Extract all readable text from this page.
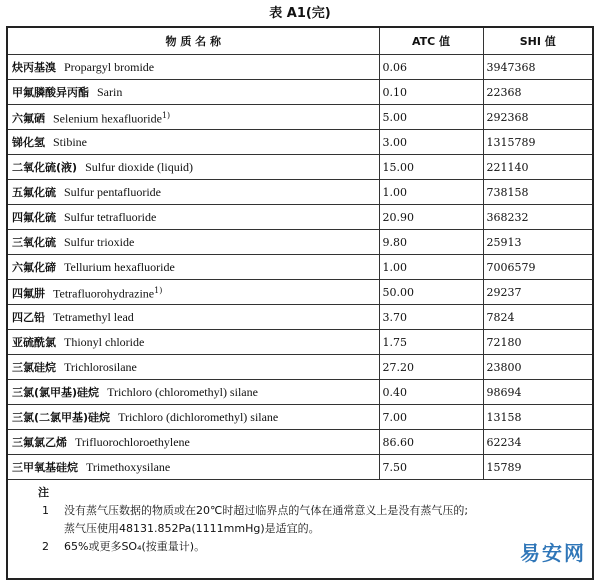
表 A1(完)
物 质 名 称	ATC 值	SHI 值
炔丙基溴 Propargyl bromide	0.06	3947368
甲氟膦酸异丙酯 Sarin	0.10	22368
六氟硒 Selenium hexafluoride$^{1)}$	5.00	292368
锑化氢 Stibine	3.00	1315789
二氧化硫(液) Sulfur dioxide (liquid)	15.00	221140
五氟化硫 Sulfur pentafluoride	1.00	738158
四氟化硫 Sulfur tetrafluoride	20.90	368232
三氧化硫 Sulfur trioxide	9.80	25913
六氟化碲 Tellurium hexafluoride	1.00	7006579
四氟肼 Tetrafluorohydrazine$^{1)}$	50.00	29237
四乙铅 Tetramethyl lead	3.70	7824
亚硫酰氯 Thionyl chloride	1.75	72180
三氯硅烷 Trichlorosilane	27.20	23800
三氯(氯甲基)硅烷 Trichloro (chloromethyl) silane	0.40	98694
三氯(二氯甲基)硅烷 Trichloro (dichloromethyl) silane	7.00	13158
三氟氯乙烯 Trifluorochloroethylene	86.60	62234
三甲氧基硅烷 Trimethoxysilane	7.50	15789

注
1 没有蒸气压数据的物质或在20℃时超过临界点的气体在通常意义上是没有蒸气压的;
蒸气压使用48131.852Pa(1111mmHg)是适宜的。
2 65%或更多SO₄(按重量计)。			易安网
